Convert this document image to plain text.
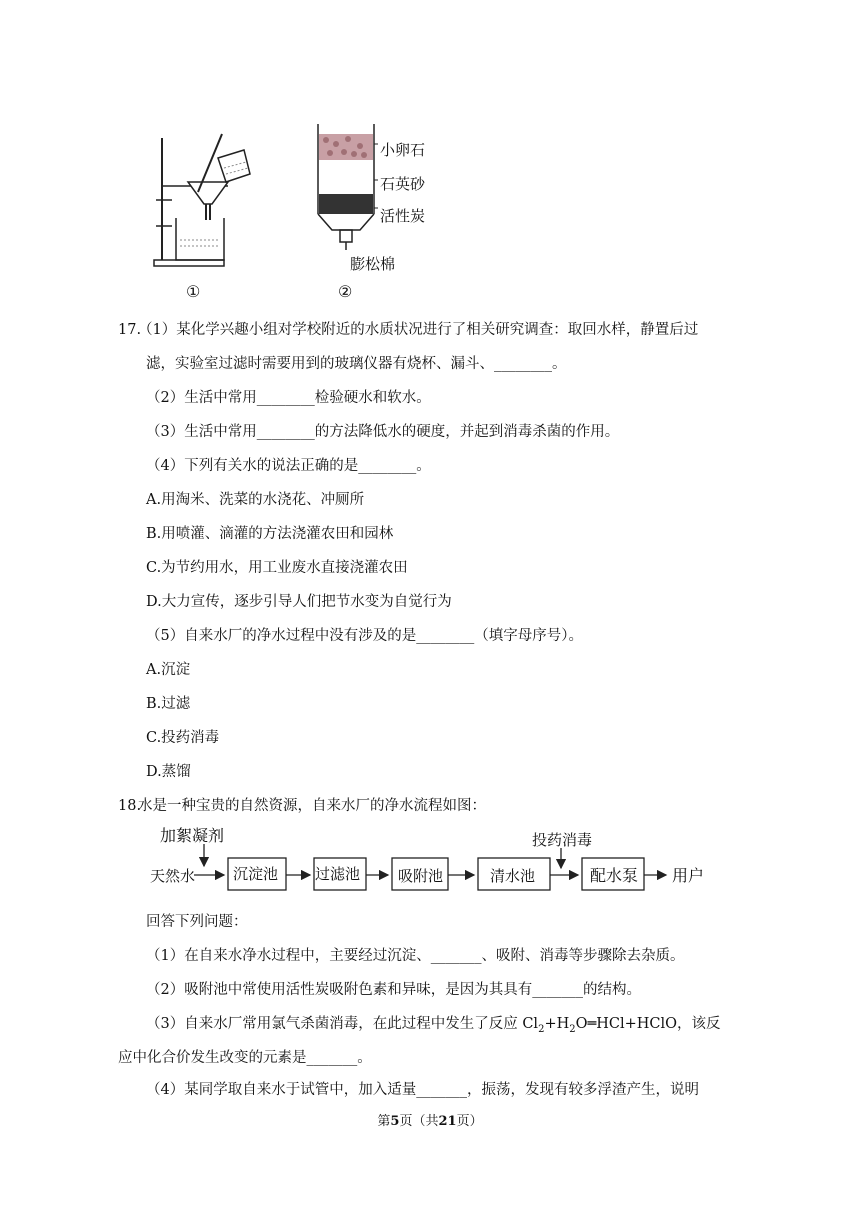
①
小卵石
石英砂
活性炭
膨松棉
②
17.
（1）某化学兴趣小组对学校附近的水质状况进行了相关研究调查：取回水样，静置后过
滤，实验室过滤时需要用到的玻璃仪器有烧杯、漏斗、________。
（2）生活中常用________检验硬水和软水。
（3）生活中常用________的方法降低水的硬度，并起到消毒杀菌的作用。
（4）下列有关水的说法正确的是________。
A.用淘米、洗菜的水浇花、冲厕所
B.用喷灌、滴灌的方法浇灌农田和园林
C.为节约用水，用工业废水直接浇灌农田
D.大力宣传，逐步引导人们把节水变为自觉行为
（5）自来水厂的净水过程中没有涉及的是________（填字母序号）。
A.沉淀
B.过滤
C.投药消毒
D.蒸馏
18.
水是一种宝贵的自然资源，自来水厂的净水流程如图：
加絮凝剂	投药消毒
天然水	沉淀池 过滤池	吸附池	清水池	配水泵 用户
回答下列问题：
（1）在自来水净水过程中，主要经过沉淀、_______、吸附、消毒等步骤除去杂质。
（2）吸附池中常使用活性炭吸附色素和异味，是因为其具有_______的结构。
（3）自来水厂常用氯气杀菌消毒，在此过程中发生了反应 $Cl_2+H_2O═HCl+HClO$，该反
应中化合价发生改变的元素是_______。
（4）某同学取自来水于试管中，加入适量_______，振荡，发现有较多浮渣产生，说明
第5页（共21页）
